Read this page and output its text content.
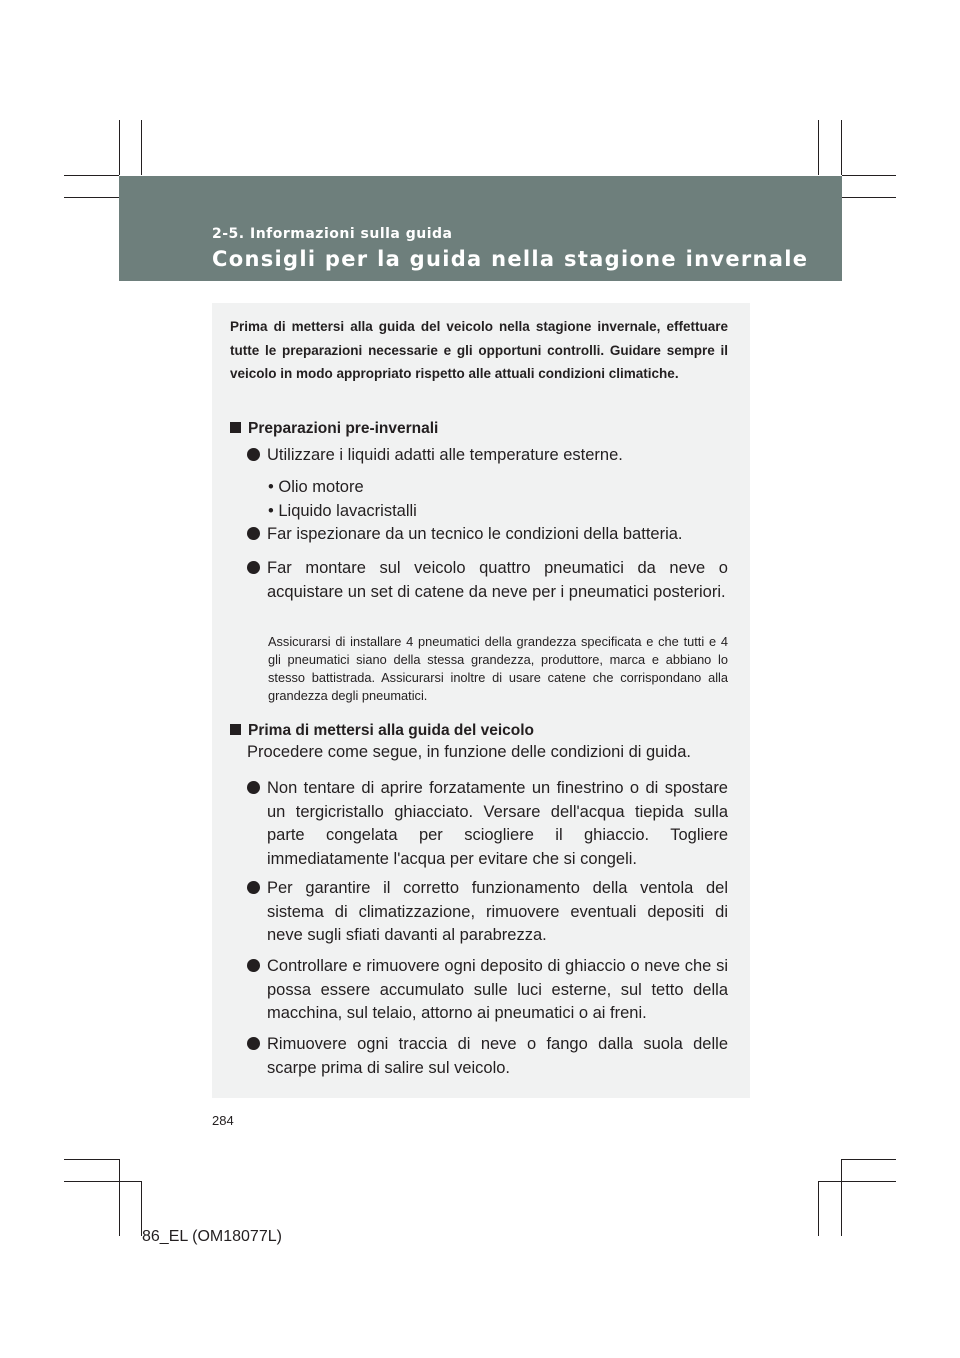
2-5. Informazioni sulla guida
Consigli per la guida nella stagione invernale
Prima di mettersi alla guida del veicolo nella stagione invernale, effettuare tutte le preparazioni necessarie e gli opportuni controlli. Guidare sempre il veicolo in modo appropriato rispetto alle attuali condizioni climatiche.
Preparazioni pre-invernali
Utilizzare i liquidi adatti alle temperature esterne.
• Olio motore
• Liquido lavacristalli
Far ispezionare da un tecnico le condizioni della batteria.
Far montare sul veicolo quattro pneumatici da neve o acquistare un set di catene da neve per i pneumatici posteriori.
Assicurarsi di installare 4 pneumatici della grandezza specificata e che tutti e 4 gli pneumatici siano della stessa grandezza, produttore, marca e abbiano lo stesso battistrada. Assicurarsi inoltre di usare catene che corrispondano alla grandezza degli pneumatici.
Prima di mettersi alla guida del veicolo
Procedere come segue, in funzione delle condizioni di guida.
Non tentare di aprire forzatamente un finestrino o di spostare un tergicristallo ghiacciato. Versare dell'acqua tiepida sulla parte congelata per sciogliere il ghiaccio. Togliere immediatamente l'acqua per evitare che si congeli.
Per garantire il corretto funzionamento della ventola del sistema di climatizzazione, rimuovere eventuali depositi di neve sugli sfiati davanti al parabrezza.
Controllare e rimuovere ogni deposito di ghiaccio o neve che si possa essere accumulato sulle luci esterne, sul tetto della macchina, sul telaio, attorno ai pneumatici o ai freni.
Rimuovere ogni traccia di neve o fango dalla suola delle scarpe prima di salire sul veicolo.
284
86_EL (OM18077L)
